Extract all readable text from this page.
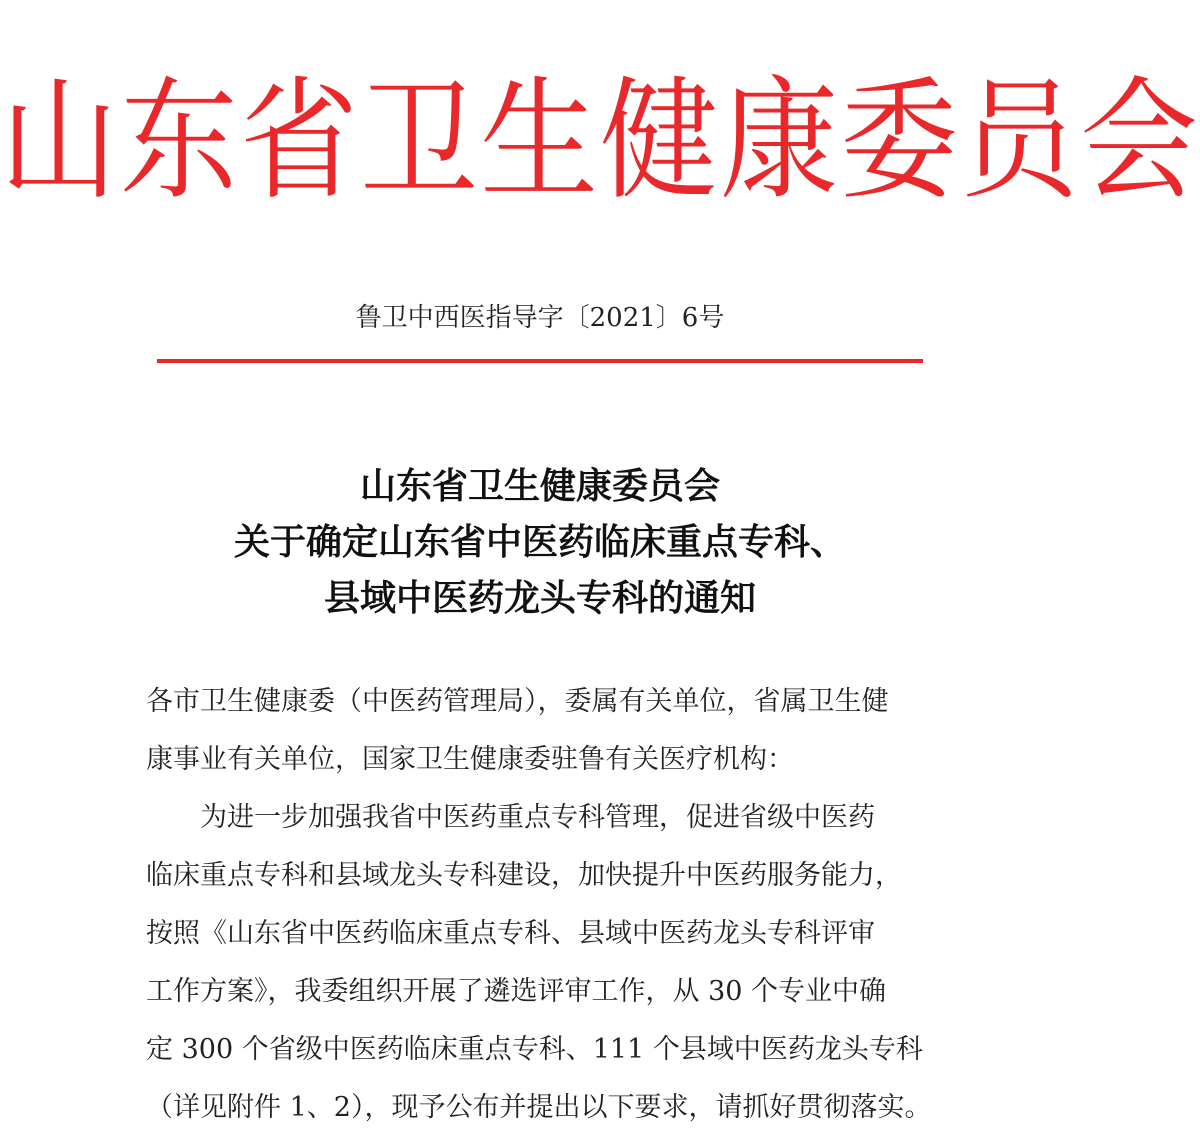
山东省卫生健康委员会
鲁卫中西医指导字〔2021〕6号
山东省卫生健康委员会
关于确定山东省中医药临床重点专科、
县域中医药龙头专科的通知

各市卫生健康委（中医药管理局），委属有关单位，省属卫生健

康事业有关单位，国家卫生健康委驻鲁有关医疗机构：

为进一步加强我省中医药重点专科管理，促进省级中医药

临床重点专科和县域龙头专科建设，加快提升中医药服务能力，

按照《山东省中医药临床重点专科、县域中医药龙头专科评审

工作方案》，我委组织开展了遴选评审工作，从 30 个专业中确

定 300 个省级中医药临床重点专科、111 个县域中医药龙头专科

（详见附件 1、2），现予公布并提出以下要求，请抓好贯彻落实。
